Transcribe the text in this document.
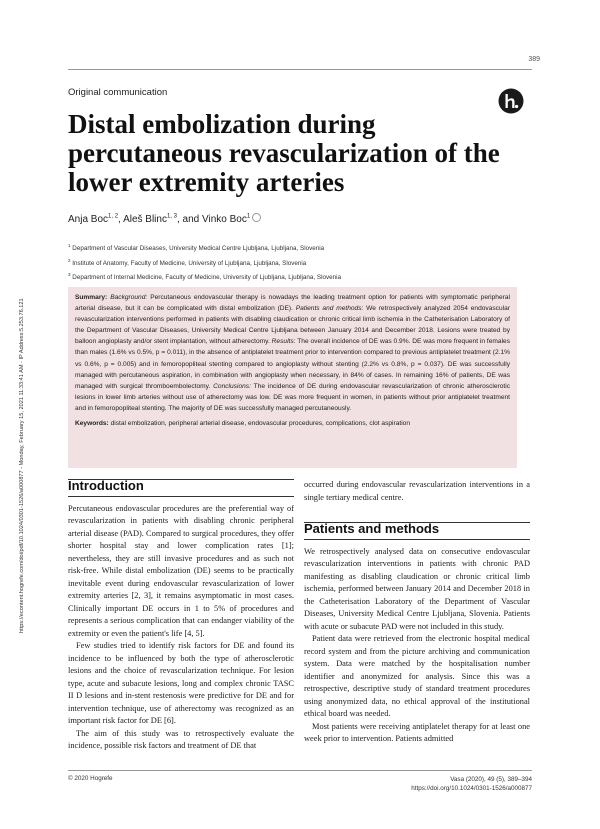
389
Original communication
Distal embolization during percutaneous revascularization of the lower extremity arteries
Anja Boc$^{1, 2}$, Aleš Blinc$^{1, 3}$, and Vinko Boc$^1$
$^1$ Department of Vascular Diseases, University Medical Centre Ljubljana, Ljubljana, Slovenia
$^2$ Institute of Anatomy, Faculty of Medicine, University of Ljubljana, Ljubljana, Slovenia
$^3$ Department of Internal Medicine, Faculty of Medicine, University of Ljubljana, Ljubljana, Slovenia
https://econtent.hogrefe.com/doi/pdf/10.1024/0301-1526/a000877 - Monday, February 15, 2021 11:33:41 AM - IP Address:5.253.76.121
Summary: Background: Percutaneous endovascular therapy is nowadays the leading treatment option for patients with symptomatic peripheral arterial disease, but it can be complicated with distal embolization (DE). Patients and methods: We retrospectively analyzed 2054 endovascular revascularization interventions performed in patients with disabling claudication or chronic critical limb ischemia in the Catheterisation Laboratory of the Department of Vascular Diseases, University Medical Centre Ljubljana between January 2014 and December 2018. Lesions were treated by balloon angioplasty and/or stent implantation, without atherectomy. Results: The overall incidence of DE was 0.9%. DE was more frequent in females than males (1.6% vs 0.5%, p = 0.011), in the absence of antiplatelet treatment prior to intervention compared to previous antiplatelet treatment (2.1% vs 0.6%, p = 0.005) and in femoropopliteal stenting compared to angioplasty without stenting (2.2% vs 0.8%, p = 0.037). DE was successfully managed with percutaneous aspiration, in combination with angioplasty when necessary, in 84% of cases. In remaining 16% of patients, DE was managed with surgical thromboembolectomy. Conclusions: The incidence of DE during endovascular revascularization of chronic atherosclerotic lesions in lower limb arteries without use of atherectomy was low. DE was more frequent in women, in patients without prior antiplatelet treatment and in femoropopliteal stenting. The majority of DE was successfully managed percutaneously.
Keywords: distal embolization, peripheral arterial disease, endovascular procedures, complications, clot aspiration
Introduction

Percutaneous endovascular procedures are the preferential way of revascularization in patients with disabling chronic peripheral arterial disease (PAD). Compared to surgical procedures, they offer shorter hospital stay and lower complication rates [1]; nevertheless, they are still invasive procedures and as such not risk-free. While distal embolization (DE) seems to be practically inevitable event during endovascular revascularization of lower extremity arteries [2, 3], it remains asymptomatic in most cases. Clinically important DE occurs in 1 to 5% of procedures and represents a serious complication that can endanger viability of the extremity or even the patient's life [4, 5].

Few studies tried to identify risk factors for DE and found its incidence to be influenced by both the type of atherosclerotic lesions and the choice of revascularization technique. For lesion type, acute and subacute lesions, long and complex chronic TASC II D lesions and in-stent restenosis were predictive for DE and for intervention technique, use of atherectomy was recognized as an important risk factor for DE [6].

The aim of this study was to retrospectively evaluate the incidence, possible risk factors and treatment of DE that

occurred during endovascular revascularization interventions in a single tertiary medical centre.

Patients and methods

We retrospectively analysed data on consecutive endovascular revascularization interventions in patients with chronic PAD manifesting as disabling claudication or chronic critical limb ischemia, performed between January 2014 and December 2018 in the Catheterisation Laboratory of the Department of Vascular Diseases, University Medical Centre Ljubljana, Slovenia. Patients with acute or subacute PAD were not included in this study.

Patient data were retrieved from the electronic hospital medical record system and from the picture archiving and communication system. Data were matched by the hospitalisation number identifier and anonymized for analysis. Since this was a retrospective, descriptive study of standard treatment procedures using anonymized data, no ethical approval of the institutional ethical board was needed.

Most patients were receiving antiplatelet therapy for at least one week prior to intervention. Patients admitted

© 2020 Hogrefe	Vasa (2020), 49 (5), 389–394
https://doi.org/10.1024/0301-1526/a000877
